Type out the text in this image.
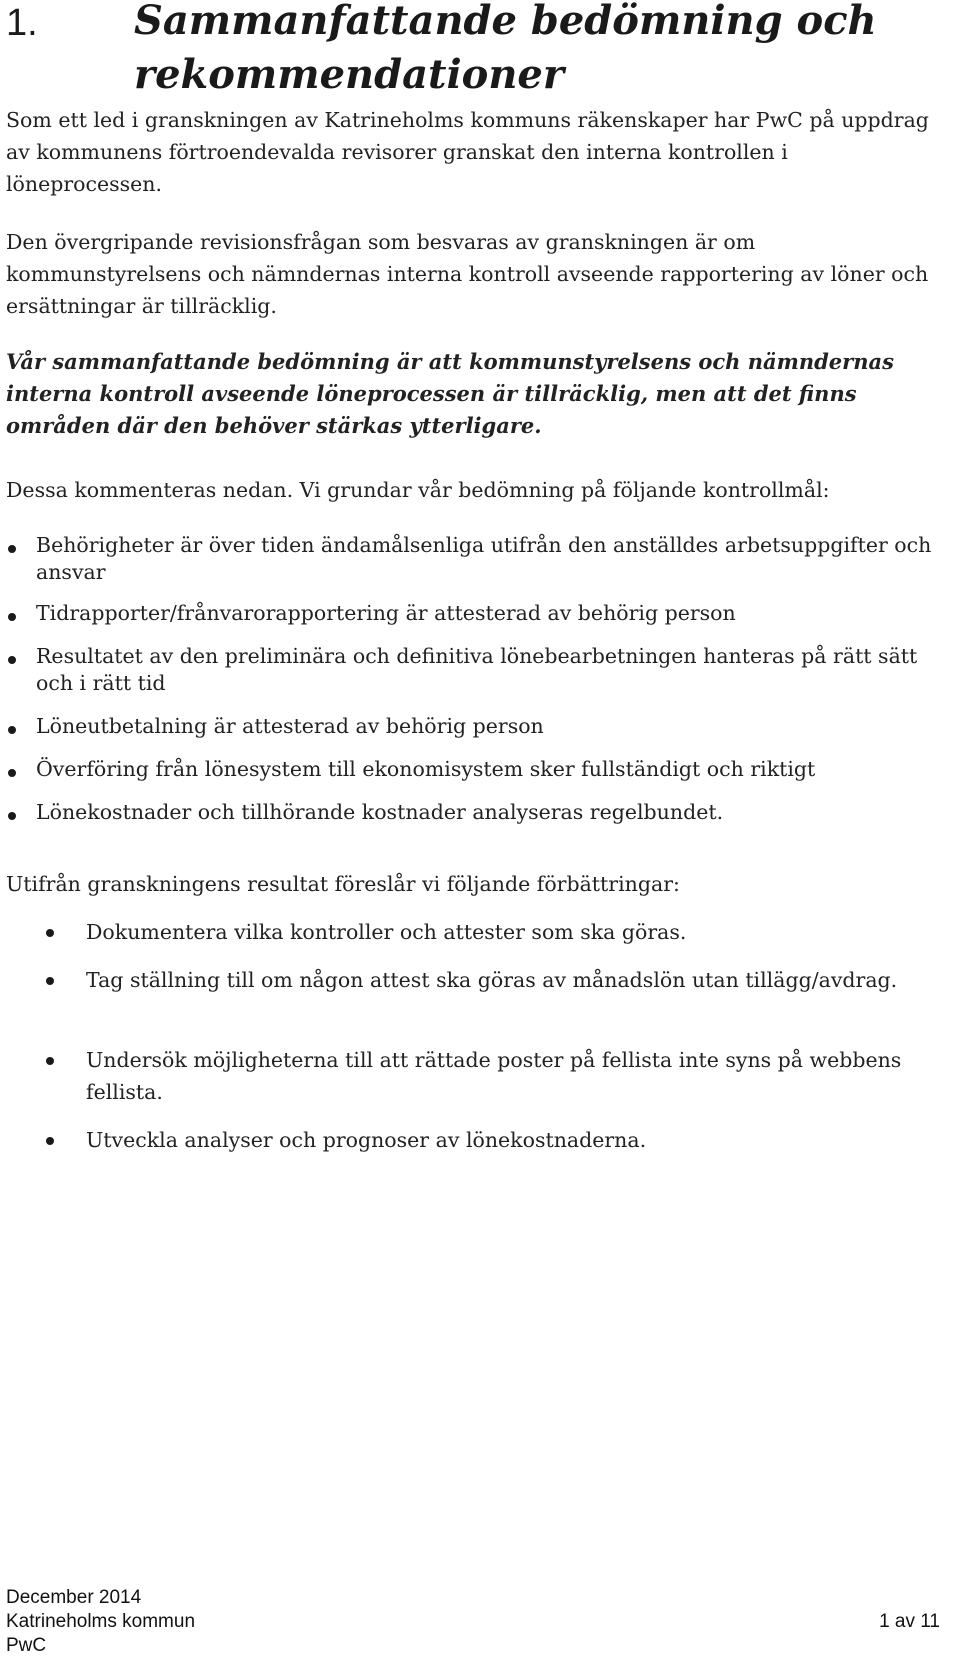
1. Sammanfattande bedömning och rekommendationer

Som ett led i granskningen av Katrineholms kommuns räkenskaper har PwC på uppdrag av kommunens förtroendevalda revisorer granskat den interna kontrollen i löneprocessen.

Den övergripande revisionsfrågan som besvaras av granskningen är om kommunstyrelsens och nämndernas interna kontroll avseende rapportering av löner och ersättningar är tillräcklig.

Vår sammanfattande bedömning är att kommunstyrelsens och nämndernas interna kontroll avseende löneprocessen är tillräcklig, men att det finns områden där den behöver stärkas ytterligare.

Dessa kommenteras nedan. Vi grundar vår bedömning på följande kontrollmål:

Behörigheter är över tiden ändamålsenliga utifrån den anställdes arbetsuppgifter och ansvar
Tidrapporter/frånvarorapportering är attesterad av behörig person
Resultatet av den preliminära och definitiva lönebearbetningen hanteras på rätt sätt och i rätt tid
Löneutbetalning är attesterad av behörig person
Överföring från lönesystem till ekonomisystem sker fullständigt och riktigt
Lönekostnader och tillhörande kostnader analyseras regelbundet.

Utifrån granskningens resultat föreslår vi följande förbättringar:

Dokumentera vilka kontroller och attester som ska göras.
Tag ställning till om någon attest ska göras av månadslön utan tillägg/avdrag.
Undersök möjligheterna till att rättade poster på fellista inte syns på webbens fellista.
Utveckla analyser och prognoser av lönekostnaderna.
December 2014
Katrineholms kommun	1 av 11
PwC
